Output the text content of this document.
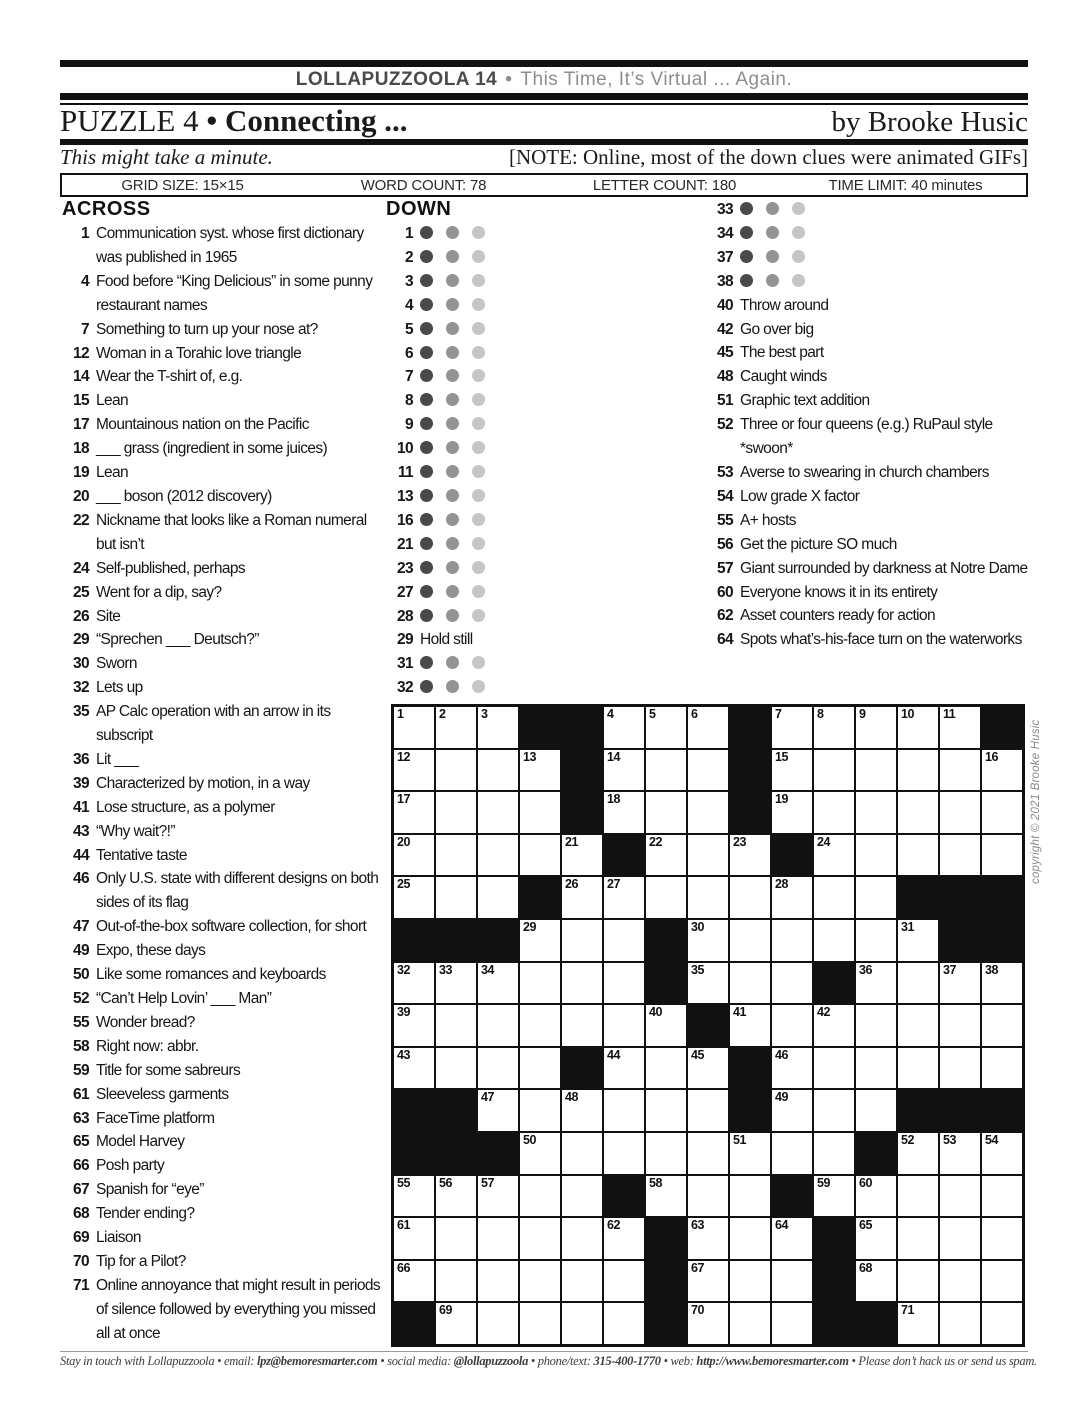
LOLLAPUZZOOLA 14 • This Time, It’s Virtual ... Again.
PUZZLE 4 • Connecting ...	by Brooke Husic
This might take a minute.	[NOTE: Online, most of the down clues were animated GIFs]
GRID SIZE: 15×15	WORD COUNT: 78	LETTER COUNT: 180	TIME LIMIT: 40 minutes
ACROSS
1 Communication syst. whose first dictionary was published in 1965
4 Food before “King Delicious” in some punny restaurant names
7 Something to turn up your nose at?
12 Woman in a Torahic love triangle
14 Wear the T-shirt of, e.g.
15 Lean
17 Mountainous nation on the Pacific
18 ___ grass (ingredient in some juices)
19 Lean
20 ___ boson (2012 discovery)
22 Nickname that looks like a Roman numeral but isn’t
24 Self-published, perhaps
25 Went for a dip, say?
26 Site
29 “Sprechen ___ Deutsch?”
30 Sworn
32 Lets up
35 AP Calc operation with an arrow in its subscript
36 Lit ___
39 Characterized by motion, in a way
41 Lose structure, as a polymer
43 “Why wait?!”
44 Tentative taste
46 Only U.S. state with different designs on both sides of its flag
47 Out-of-the-box software collection, for short
49 Expo, these days
50 Like some romances and keyboards
52 “Can’t Help Lovin’ ___ Man”
55 Wonder bread?
58 Right now: abbr.
59 Title for some sabreurs
61 Sleeveless garments
63 FaceTime platform
65 Model Harvey
66 Posh party
67 Spanish for “eye”
68 Tender ending?
69 Liaison
70 Tip for a Pilot?
71 Online annoyance that might result in periods of silence followed by everything you missed all at once
DOWN
1
2
3
4
5
6
7
8
9
10
11
13
16
21
23
27
28
29 Hold still
31
32
33
34
37
38
40 Throw around
42 Go over big
45 The best part
48 Caught winds
51 Graphic text addition
52 Three or four queens (e.g.) RuPaul style *swoon*
53 Averse to swearing in church chambers
54 Low grade X factor
55 A+ hosts
56 Get the picture SO much
57 Giant surrounded by darkness at Notre Dame
60 Everyone knows it in its entirety
62 Asset counters ready for action
64 Spots what’s-his-face turn on the waterworks
1	2	3	4	5	6	7	8	9	10 11
12	13	14	15	16
17	18	19
20	21	22	23	24
25	26 27	28
29	30	31
32 33 34	35	36	37 38
39	40	41	42
43	44	45	46
47	48	49
50	51	52 53 54
55 56 57	58	59 60
61	62	63	64	65
66	67	68
69	70	71
copyright © 2021 Brooke Husic
Stay in touch with Lollapuzzoola • email: lpz@bemoresmarter.com • social media: @lollapuzzoola • phone/text: 315-400-1770 • web: http://www.bemoresmarter.com • Please don’t hack us or send us spam.
